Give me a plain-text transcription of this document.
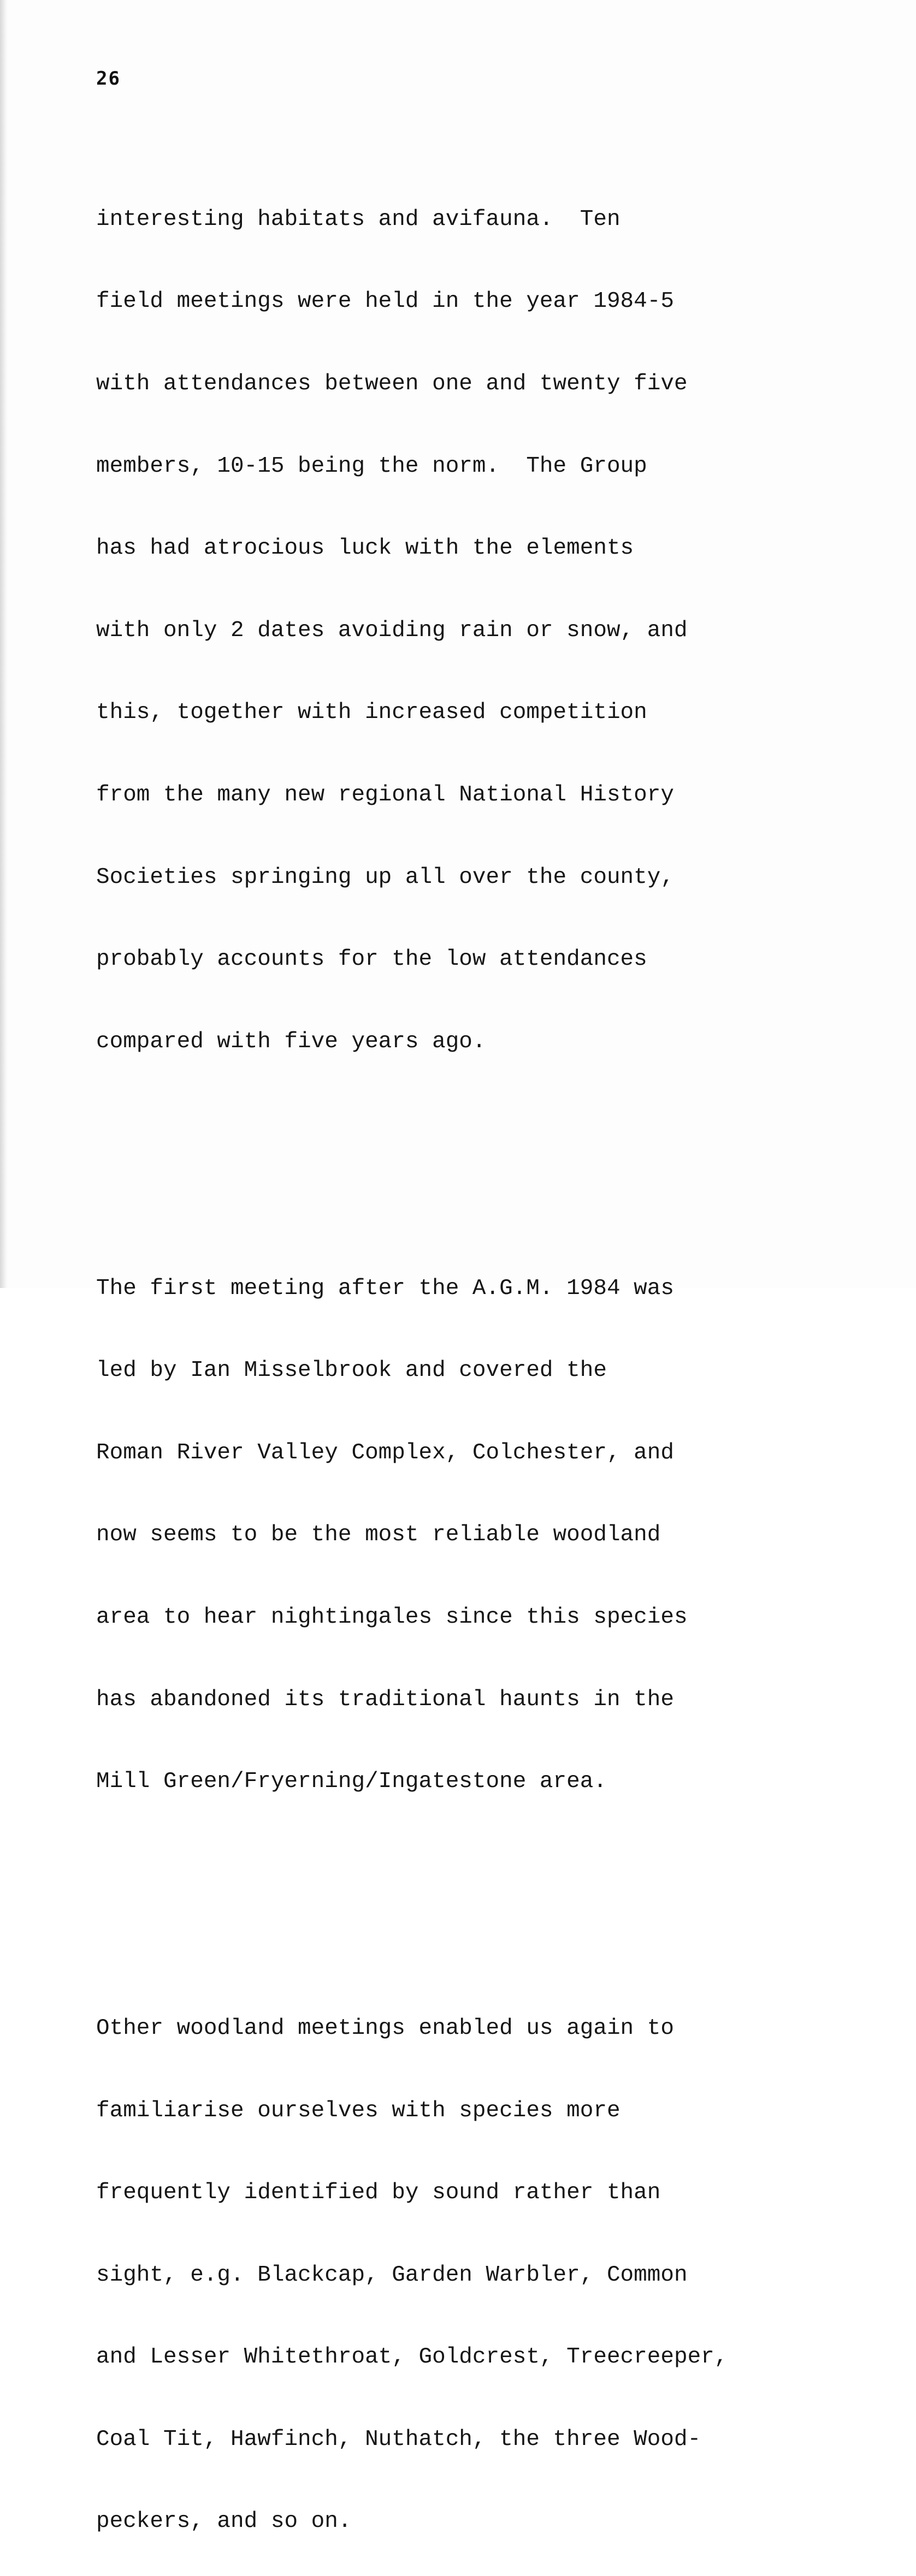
26

interesting habitats and avifauna.  Ten

field meetings were held in the year 1984-5

with attendances between one and twenty five

members, 10-15 being the norm.  The Group

has had atrocious luck with the elements

with only 2 dates avoiding rain or snow, and

this, together with increased competition

from the many new regional National History

Societies springing up all over the county,

probably accounts for the low attendances

compared with five years ago.

The first meeting after the A.G.M. 1984 was

led by Ian Misselbrook and covered the

Roman River Valley Complex, Colchester, and

now seems to be the most reliable woodland

area to hear nightingales since this species

has abandoned its traditional haunts in the

Mill Green/Fryerning/Ingatestone area.

Other woodland meetings enabled us again to

familiarise ourselves with species more

frequently identified by sound rather than

sight, e.g. Blackcap, Garden Warbler, Common

and Lesser Whitethroat, Goldcrest, Treecreeper,

Coal Tit, Hawfinch, Nuthatch, the three Wood-

peckers, and so on.
